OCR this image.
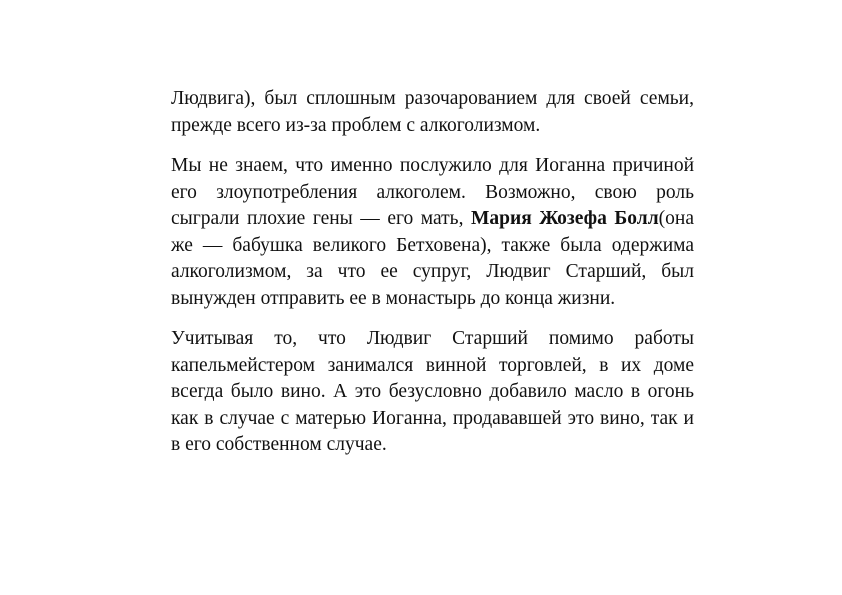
Людвига), был сплошным разочарованием для своей семьи, прежде всего из-за проблем с алкоголизмом.

Мы не знаем, что именно послужило для Иоганна причиной его злоупотребления алкоголем. Возможно, свою роль сыграли плохие гены — его мать, Мария Жозефа Болл(она же — бабушка великого Бетховена), также была одержима алкоголизмом, за что ее супруг, Людвиг Старший, был вынужден отправить ее в монастырь до конца жизни.

Учитывая то, что Людвиг Старший помимо работы капельмейстером занимался винной торговлей, в их доме всегда было вино. А это безусловно добавило масло в огонь как в случае с матерью Иоганна, продававшей это вино, так и в его собственном случае.
